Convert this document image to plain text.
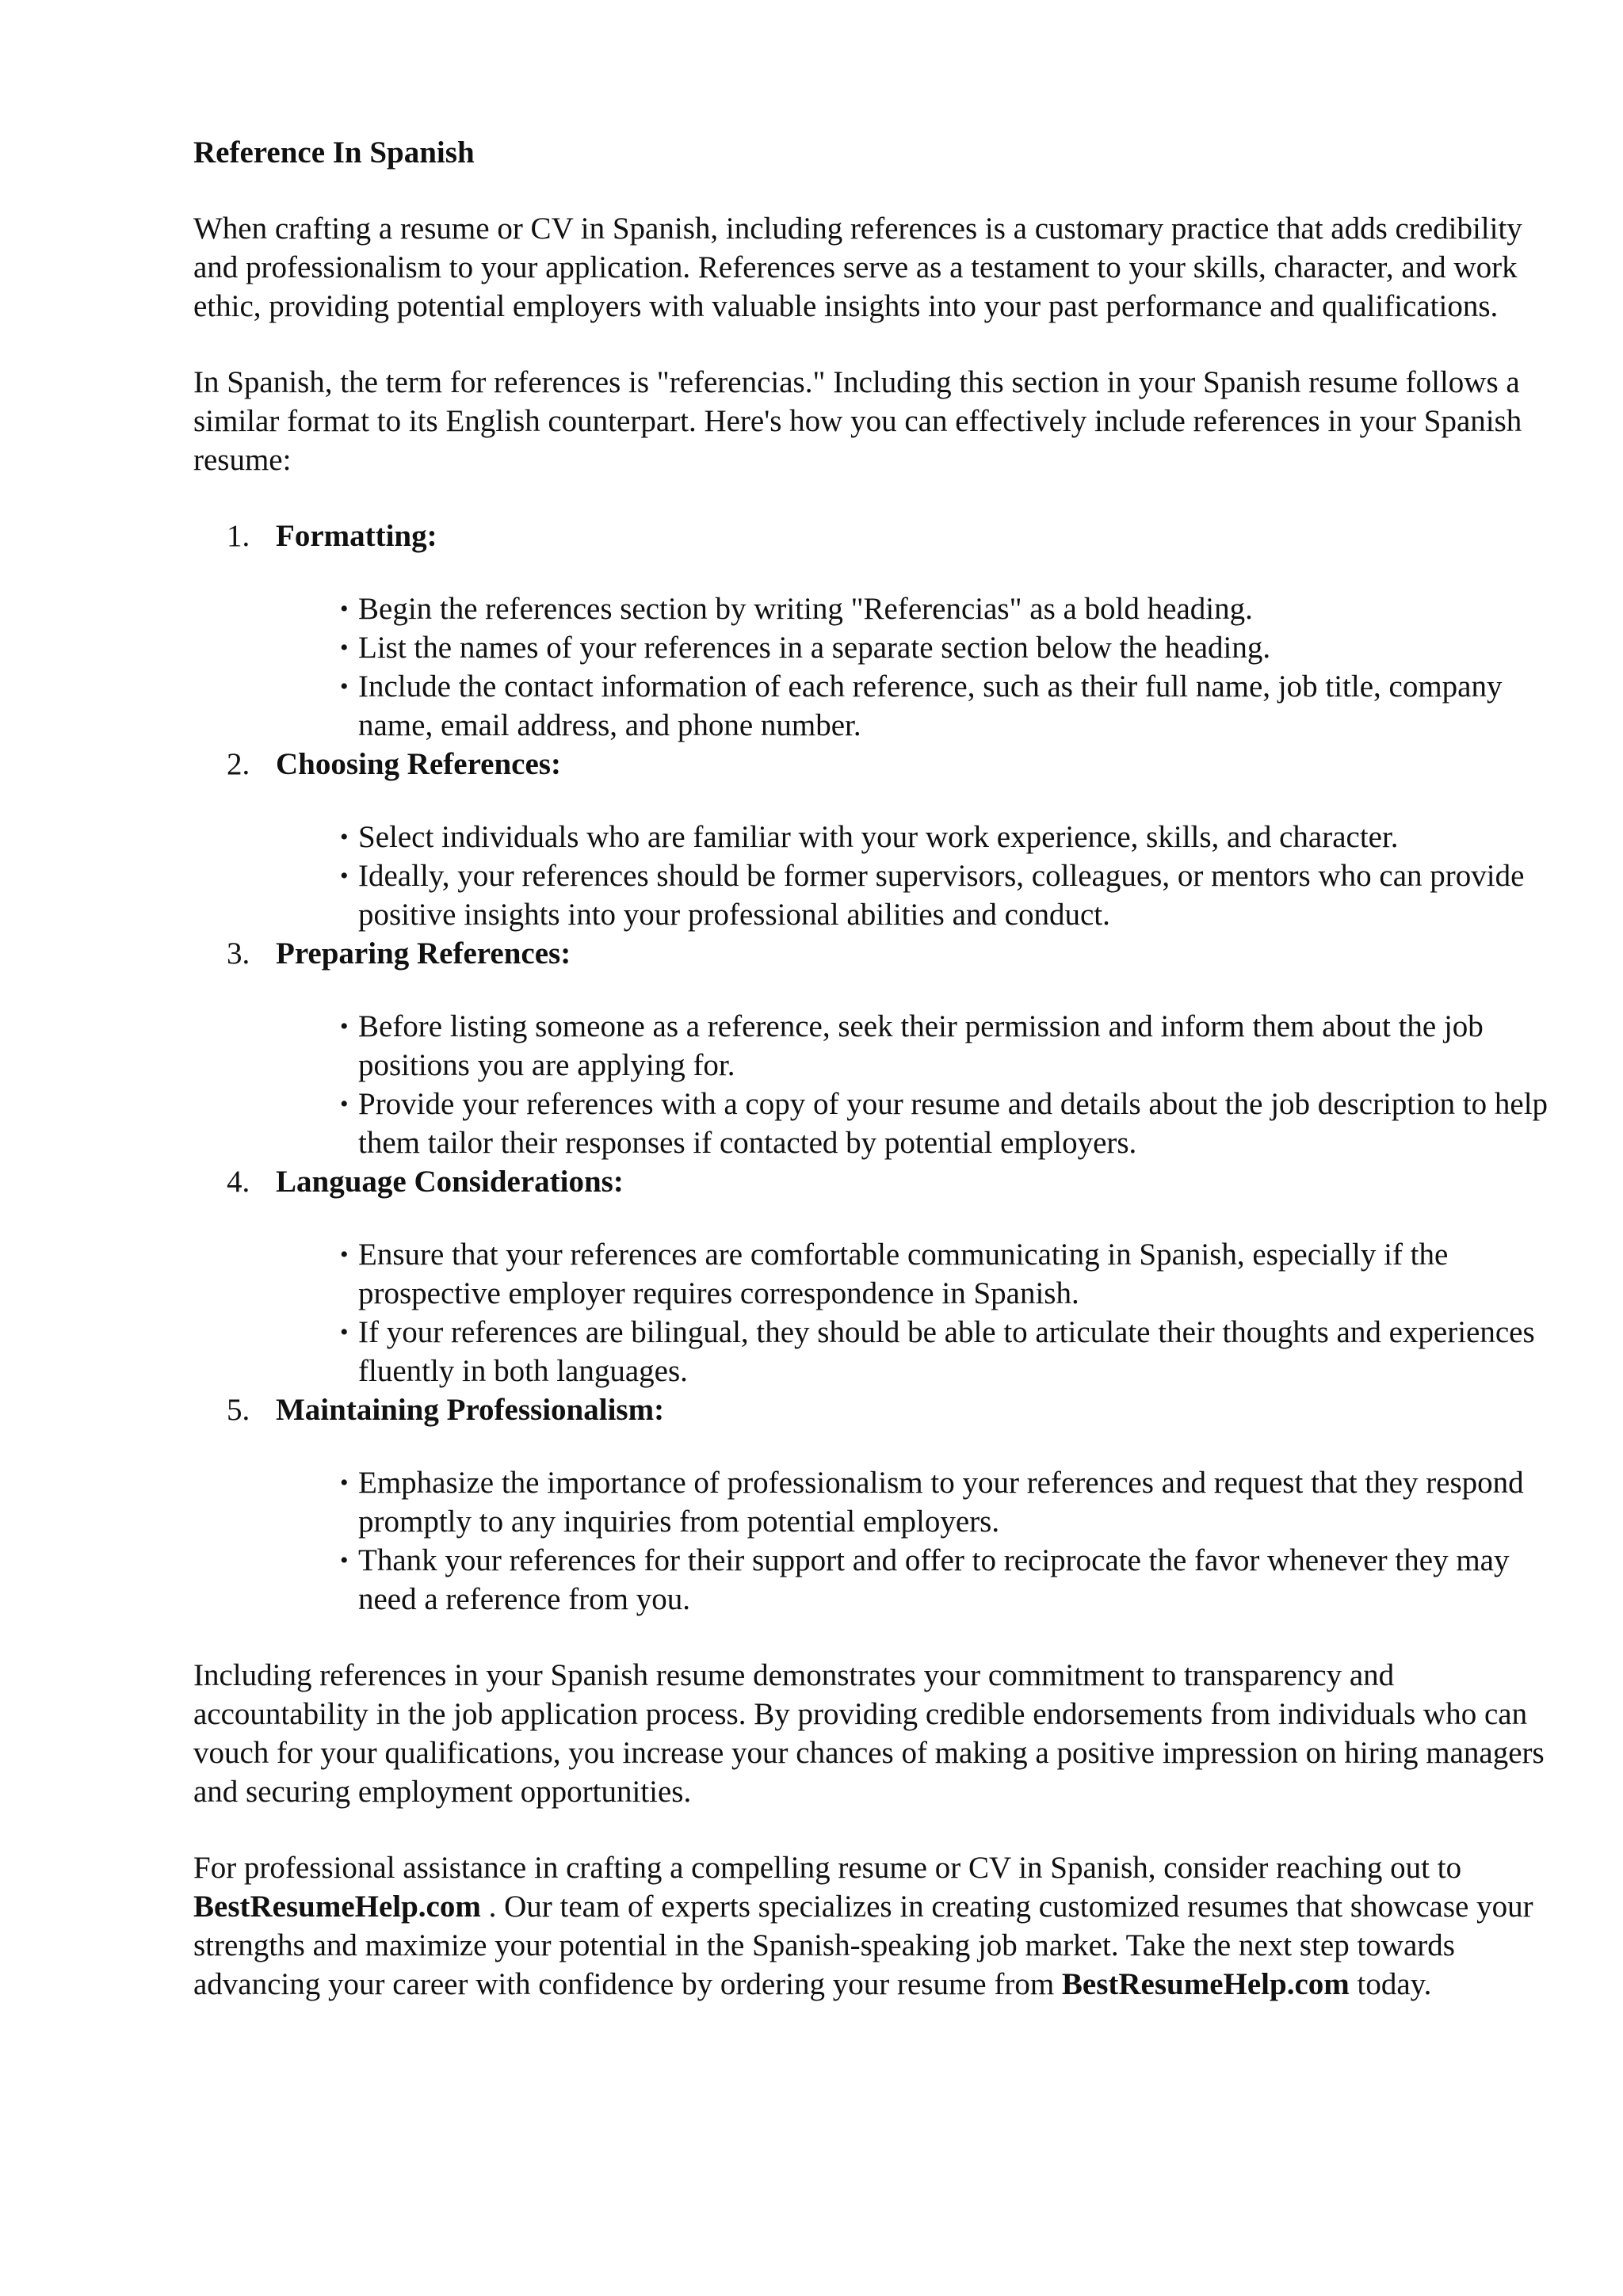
Reference In Spanish

When crafting a resume or CV in Spanish, including references is a customary practice that adds credibility and professionalism to your application. References serve as a testament to your skills, character, and work ethic, providing potential employers with valuable insights into your past performance and qualifications.

In Spanish, the term for references is "referencias." Including this section in your Spanish resume follows a similar format to its English counterpart. Here's how you can effectively include references in your Spanish resume:

1. Formatting:
• Begin the references section by writing "Referencias" as a bold heading.
• List the names of your references in a separate section below the heading.
• Include the contact information of each reference, such as their full name, job title, company name, email address, and phone number.
2. Choosing References:
• Select individuals who are familiar with your work experience, skills, and character.
• Ideally, your references should be former supervisors, colleagues, or mentors who can provide positive insights into your professional abilities and conduct.
3. Preparing References:
• Before listing someone as a reference, seek their permission and inform them about the job positions you are applying for.
• Provide your references with a copy of your resume and details about the job description to help them tailor their responses if contacted by potential employers.
4. Language Considerations:
• Ensure that your references are comfortable communicating in Spanish, especially if the prospective employer requires correspondence in Spanish.
• If your references are bilingual, they should be able to articulate their thoughts and experiences fluently in both languages.
5. Maintaining Professionalism:
• Emphasize the importance of professionalism to your references and request that they respond promptly to any inquiries from potential employers.
• Thank your references for their support and offer to reciprocate the favor whenever they may need a reference from you.

Including references in your Spanish resume demonstrates your commitment to transparency and accountability in the job application process. By providing credible endorsements from individuals who can vouch for your qualifications, you increase your chances of making a positive impression on hiring managers and securing employment opportunities.

For professional assistance in crafting a compelling resume or CV in Spanish, consider reaching out to BestResumeHelp.com . Our team of experts specializes in creating customized resumes that showcase your strengths and maximize your potential in the Spanish-speaking job market. Take the next step towards advancing your career with confidence by ordering your resume from BestResumeHelp.com today.
